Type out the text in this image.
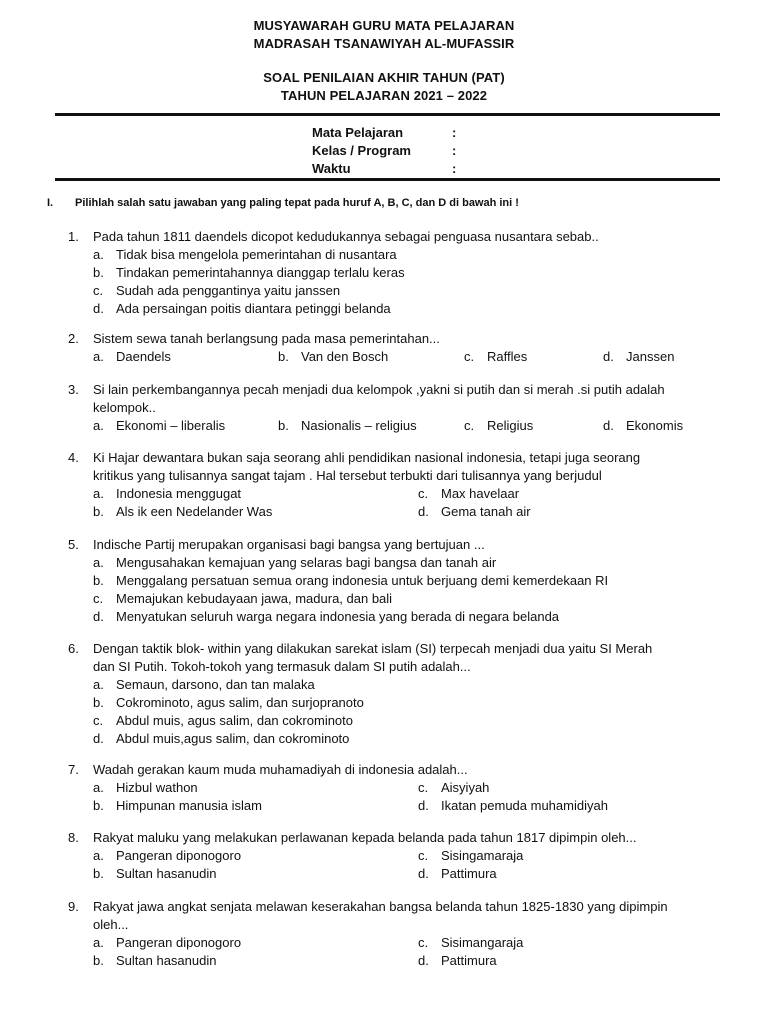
MUSYAWARAH GURU MATA PELAJARAN
MADRASAH TSANAWIYAH AL-MUFASSIR
SOAL PENILAIAN AKHIR TAHUN (PAT)
TAHUN PELAJARAN 2021 – 2022
Mata Pelajaran	:
Kelas / Program	:
Waktu	:
I. Pilihlah salah satu jawaban yang paling tepat pada huruf A, B, C, dan D di bawah ini !
1. Pada tahun 1811 daendels dicopot kedudukannya sebagai penguasa nusantara sebab..
a. Tidak bisa mengelola pemerintahan di nusantara
b. Tindakan pemerintahannya dianggap terlalu keras
c. Sudah ada penggantinya yaitu janssen
d. Ada persaingan poitis diantara petinggi belanda
2. Sistem sewa tanah berlangsung pada masa pemerintahan...
a. Daendels	b. Van den Bosch	c. Raffles	d. Janssen
3. Si lain perkembangannya pecah menjadi dua kelompok ,yakni si putih dan si merah .si putih adalah
kelompok..
a. Ekonomi – liberalis	b. Nasionalis – religius	c. Religius	d. Ekonomis
4. Ki Hajar dewantara bukan saja seorang ahli pendidikan nasional indonesia, tetapi juga seorang
kritikus yang tulisannya sangat tajam . Hal tersebut terbukti dari tulisannya yang berjudul
a. Indonesia menggugat	c. Max havelaar
b. Als ik een Nedelander Was	d. Gema tanah air
5. Indische Partij merupakan organisasi bagi bangsa yang bertujuan ...
a. Mengusahakan kemajuan yang selaras bagi bangsa dan tanah air
b. Menggalang persatuan semua orang indonesia untuk berjuang demi kemerdekaan RI
c. Memajukan kebudayaan jawa, madura, dan bali
d. Menyatukan seluruh warga negara indonesia yang berada di negara belanda
6. Dengan taktik blok- within yang dilakukan sarekat islam (SI) terpecah menjadi dua yaitu SI Merah
dan SI Putih. Tokoh-tokoh yang termasuk dalam SI putih adalah...
a. Semaun, darsono, dan tan malaka
b. Cokrominoto, agus salim, dan surjopranoto
c. Abdul muis, agus salim, dan cokrominoto
d. Abdul muis,agus salim, dan cokrominoto
7. Wadah gerakan kaum muda muhamadiyah di indonesia adalah...
a. Hizbul wathon	c. Aisyiyah
b. Himpunan manusia islam	d. Ikatan pemuda muhamidiyah
8. Rakyat maluku yang melakukan perlawanan kepada belanda pada tahun 1817 dipimpin oleh...
a. Pangeran diponogoro	c. Sisingamaraja
b. Sultan hasanudin	d. Pattimura
9. Rakyat jawa angkat senjata melawan keserakahan bangsa belanda tahun 1825-1830 yang dipimpin
oleh...
a. Pangeran diponogoro	c. Sisimangaraja
b. Sultan hasanudin	d. Pattimura
